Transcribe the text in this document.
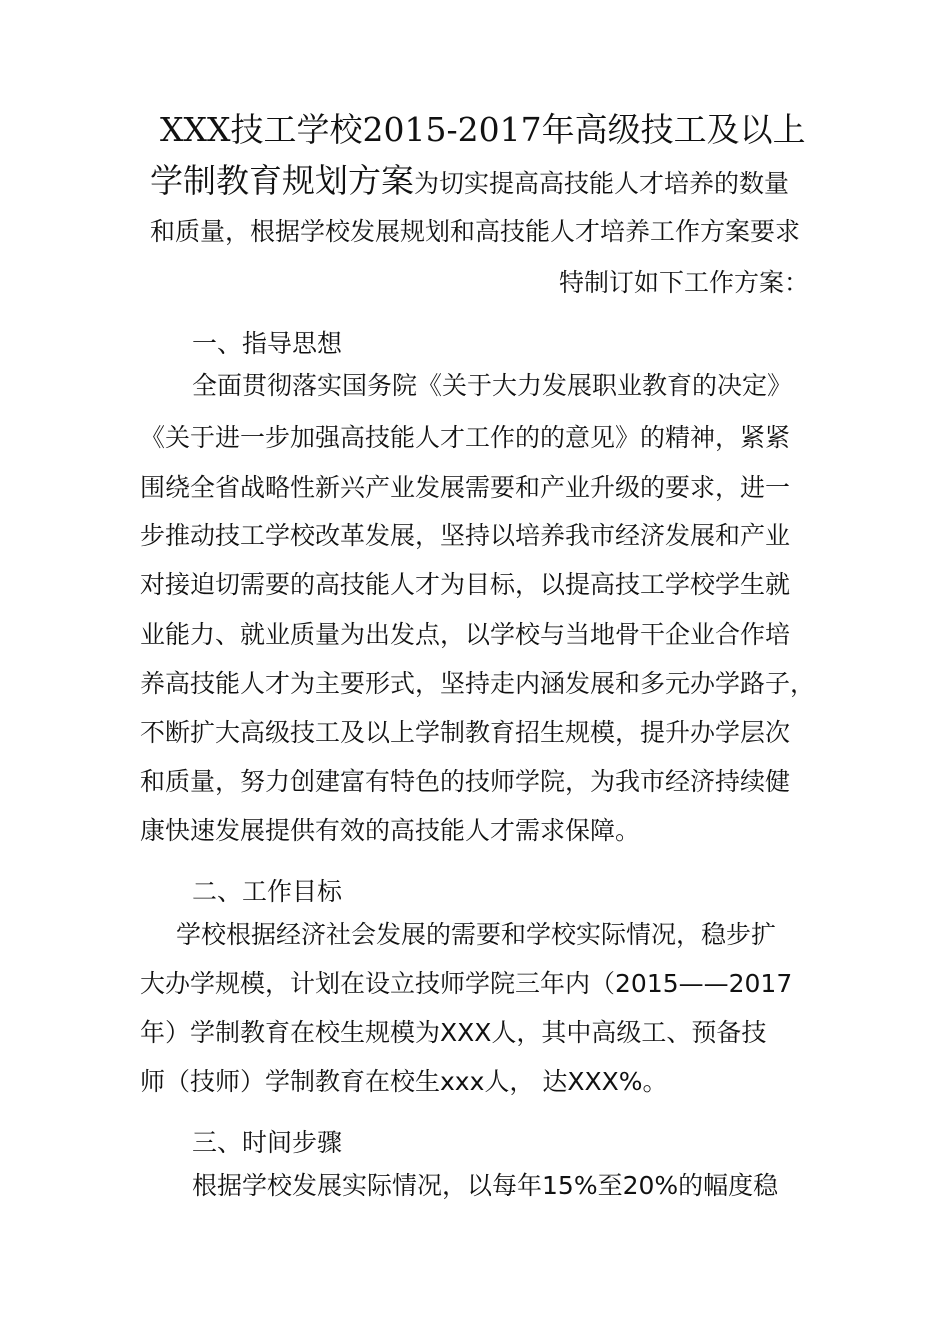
XXX技工学校2015-2017年高级技工及以上
学制教育规划方案为切实提高高技能人才培养的数量
和质量，根据学校发展规划和高技能人才培养工作方案要求
特制订如下工作方案：
一、指导思想
全面贯彻落实国务院《关于大力发展职业教育的决定》
《关于进一步加强高技能人才工作的的意见》的精神，紧紧
围绕全省战略性新兴产业发展需要和产业升级的要求，进一
步推动技工学校改革发展，坚持以培养我市经济发展和产业
对接迫切需要的高技能人才为目标，以提高技工学校学生就
业能力、就业质量为出发点，以学校与当地骨干企业合作培
养高技能人才为主要形式，坚持走内涵发展和多元办学路子，
不断扩大高级技工及以上学制教育招生规模，提升办学层次
和质量，努力创建富有特色的技师学院，为我市经济持续健
康快速发展提供有效的高技能人才需求保障。
二、工作目标
学校根据经济社会发展的需要和学校实际情况，稳步扩
大办学规模，计划在设立技师学院三年内（2015——2017
年）学制教育在校生规模为XXX人，其中高级工、预备技
师（技师）学制教育在校生xxx人， 达XXX%。
三、时间步骤
根据学校发展实际情况，以每年15%至20%的幅度稳
